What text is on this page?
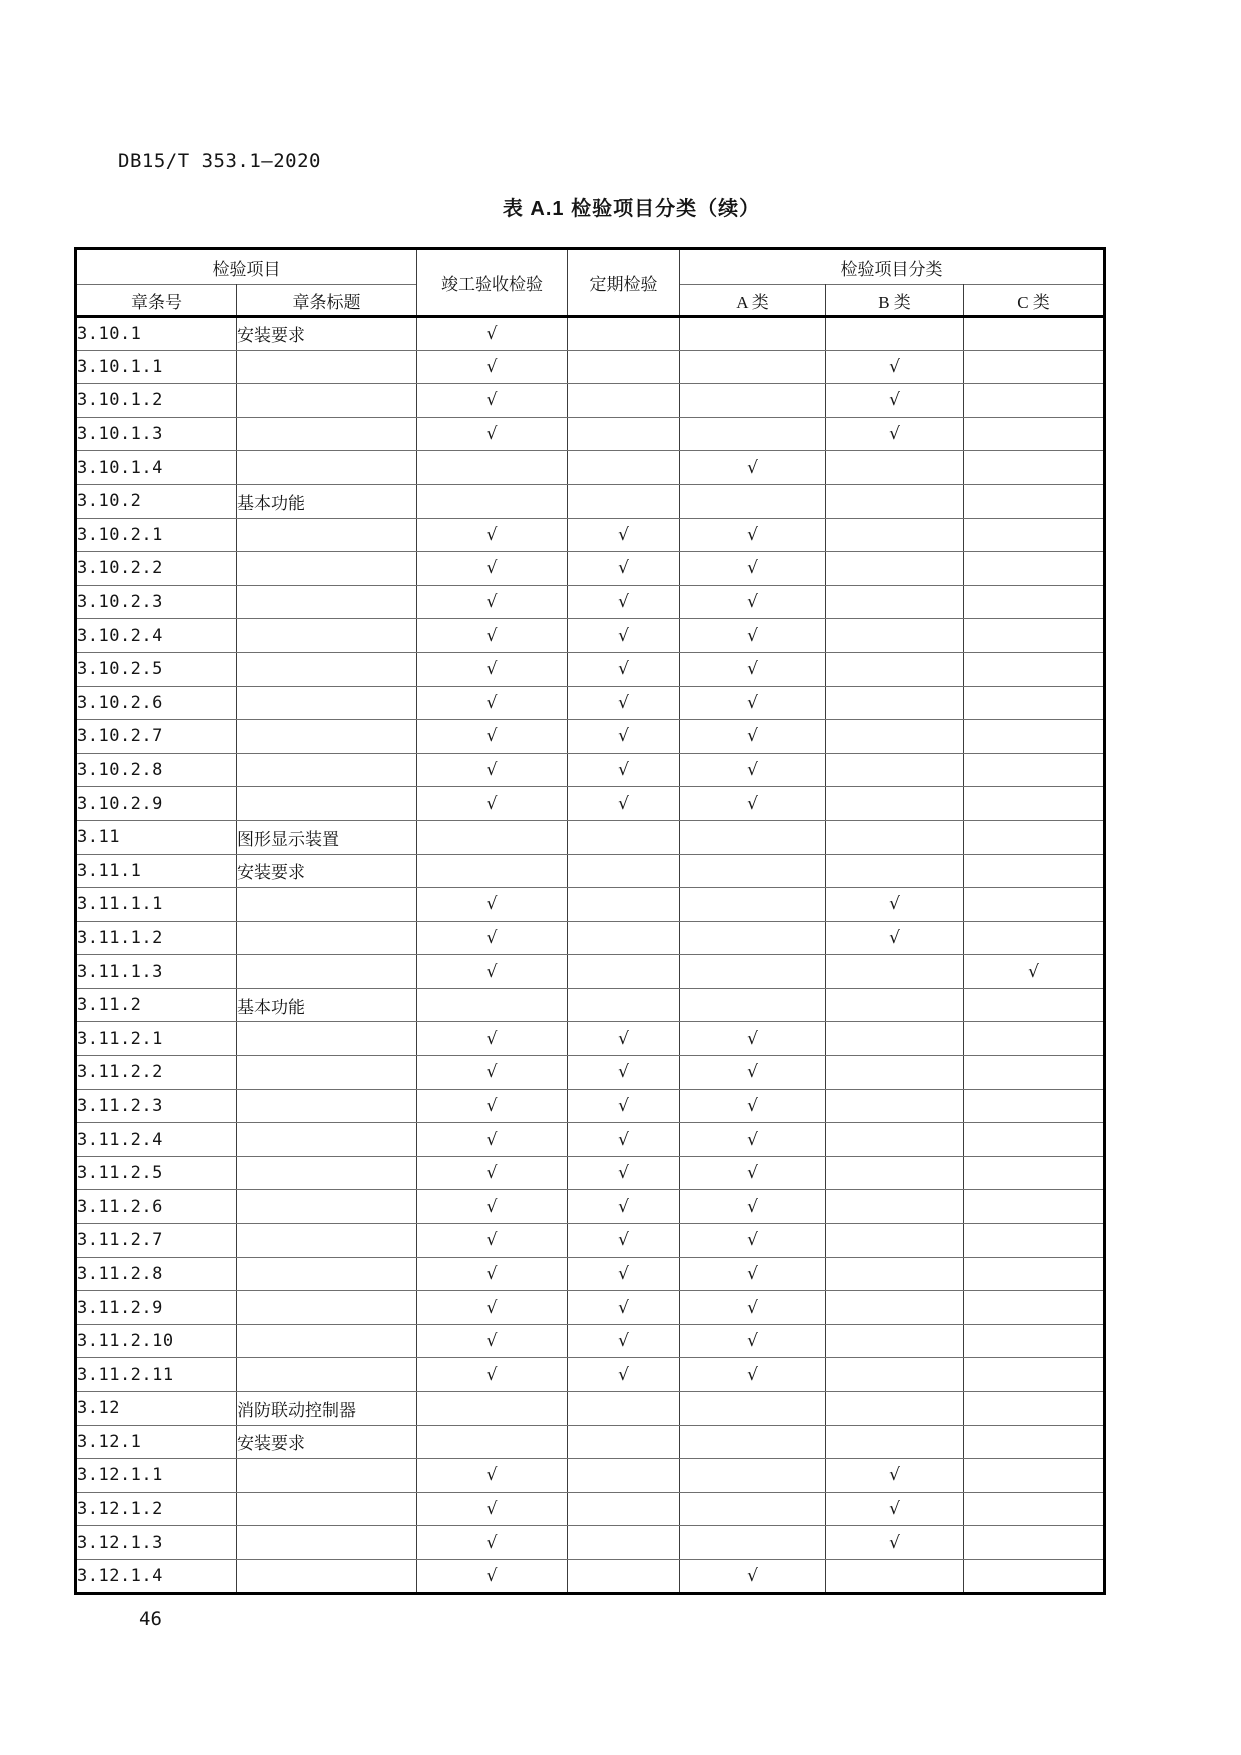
DB15/T 353.1—2020
表 A.1 检验项目分类（续）
检验项目		竣工验收检验	定期检验	检验项目分类		
章条号	章条标题			A 类	B 类	C 类
3.10.1	安装要求	√				
3.10.1.1		√			√	
3.10.1.2		√			√	
3.10.1.3		√			√	
3.10.1.4				√		
3.10.2	基本功能					
3.10.2.1		√	√	√		
3.10.2.2		√	√	√		
3.10.2.3		√	√	√		
3.10.2.4		√	√	√		
3.10.2.5		√	√	√		
3.10.2.6		√	√	√		
3.10.2.7		√	√	√		
3.10.2.8		√	√	√		
3.10.2.9		√	√	√		
3.11	图形显示装置					
3.11.1	安装要求					
3.11.1.1		√			√	
3.11.1.2		√			√	
3.11.1.3		√				√
3.11.2	基本功能					
3.11.2.1		√	√	√		
3.11.2.2		√	√	√		
3.11.2.3		√	√	√		
3.11.2.4		√	√	√		
3.11.2.5		√	√	√		
3.11.2.6		√	√	√		
3.11.2.7		√	√	√		
3.11.2.8		√	√	√		
3.11.2.9		√	√	√		
3.11.2.10		√	√	√		
3.11.2.11		√	√	√		
3.12	消防联动控制器					
3.12.1	安装要求					
3.12.1.1		√			√	
3.12.1.2		√			√	
3.12.1.3		√			√	
3.12.1.4		√		√		
46
